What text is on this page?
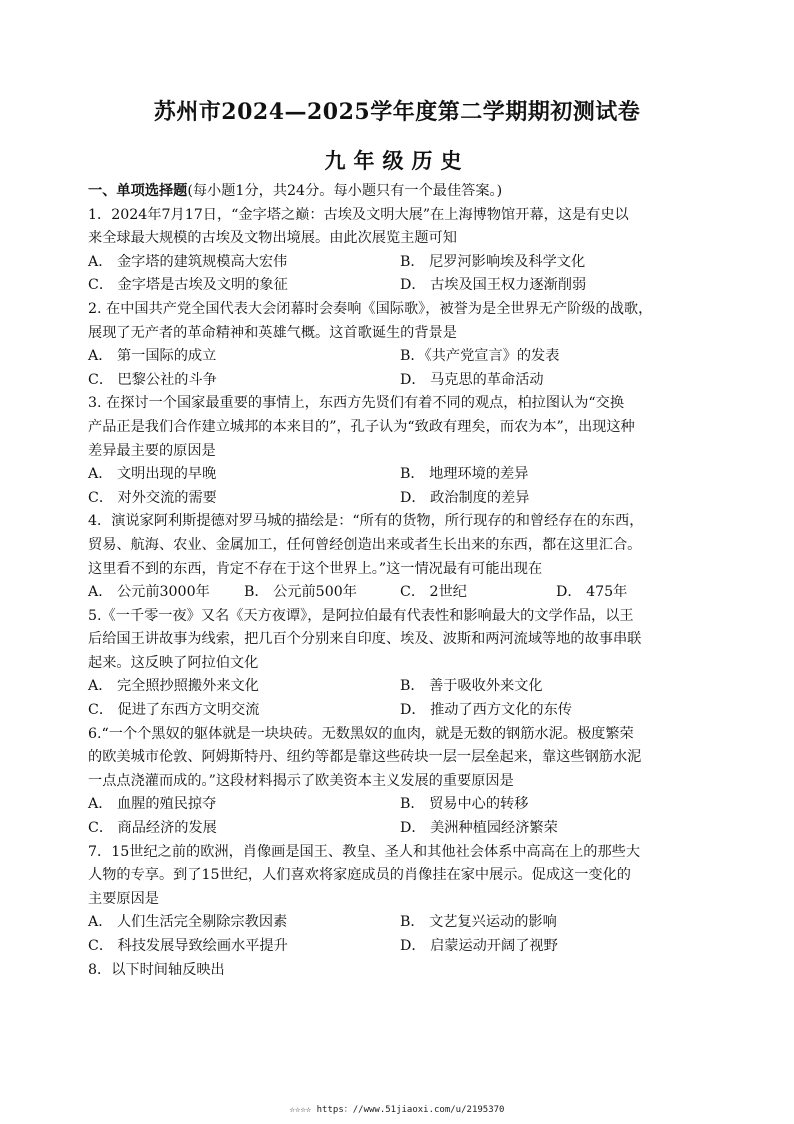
苏州市2024—2025学年度第二学期期初测试卷
九年级历史
一、单项选择题(每小题1分，共24分。每小题只有一个最佳答案。)
1．2024年7月17日，“金字塔之巅：古埃及文明大展”在上海博物馆开幕，这是有史以
来全球最大规模的古埃及文物出境展。由此次展览主题可知
A． 金字塔的建筑规模高大宏伟	B． 尼罗河影响埃及科学文化
C． 金字塔是古埃及文明的象征	D． 古埃及国王权力逐渐削弱
2. 在中国共产党全国代表大会闭幕时会奏响《国际歌》，被誉为是全世界无产阶级的战歌，
展现了无产者的革命精神和英雄气概。这首歌诞生的背景是
A． 第一国际的成立	B．《共产党宣言》的发表
C． 巴黎公社的斗争	D． 马克思的革命活动
3. 在探讨一个国家最重要的事情上，东西方先贤们有着不同的观点，柏拉图认为“交换
产品正是我们合作建立城邦的本来目的”，孔子认为“致政有理矣，而农为本”，出现这种
差异最主要的原因是
A． 文明出现的早晚	B． 地理环境的差异
C． 对外交流的需要	D． 政治制度的差异
4．演说家阿利斯提德对罗马城的描绘是：“所有的货物，所行现存的和曾经存在的东西，
贸易、航海、农业、金属加工，任何曾经创造出来或者生长出来的东西，都在这里汇合。
这里看不到的东西，肯定不存在于这个世界上。”这一情况最有可能出现在
A． 公元前3000年	B． 公元前500年	C． 2世纪	D． 475年
5.《一千零一夜》又名《天方夜谭》，是阿拉伯最有代表性和影响最大的文学作品，以王
后给国王讲故事为线索，把几百个分别来自印度、埃及、波斯和两河流域等地的故事串联
起来。这反映了阿拉伯文化
A． 完全照抄照搬外来文化	B． 善于吸收外来文化
C． 促进了东西方文明交流	D． 推动了西方文化的东传
6.“一个个黑奴的躯体就是一块块砖。无数黑奴的血肉，就是无数的钢筋水泥。极度繁荣
的欧美城市伦敦、阿姆斯特丹、纽约等都是靠这些砖块一层一层垒起来，靠这些钢筋水泥
一点点浇灌而成的。”这段材料揭示了欧美资本主义发展的重要原因是
A． 血腥的殖民掠夺	B． 贸易中心的转移
C． 商品经济的发展	D． 美洲种植园经济繁荣
7．15世纪之前的欧洲，肖像画是国王、教皇、圣人和其他社会体系中高高在上的那些大
人物的专享。到了15世纪，人们喜欢将家庭成员的肖像挂在家中展示。促成这一变化的
主要原因是
A． 人们生活完全剔除宗教因素	B． 文艺复兴运动的影响
C． 科技发展导致绘画水平提升	D． 启蒙运动开阔了视野
8．以下时间轴反映出
☆☆☆☆ https：//www.51jiaoxi.com/u/2195370
